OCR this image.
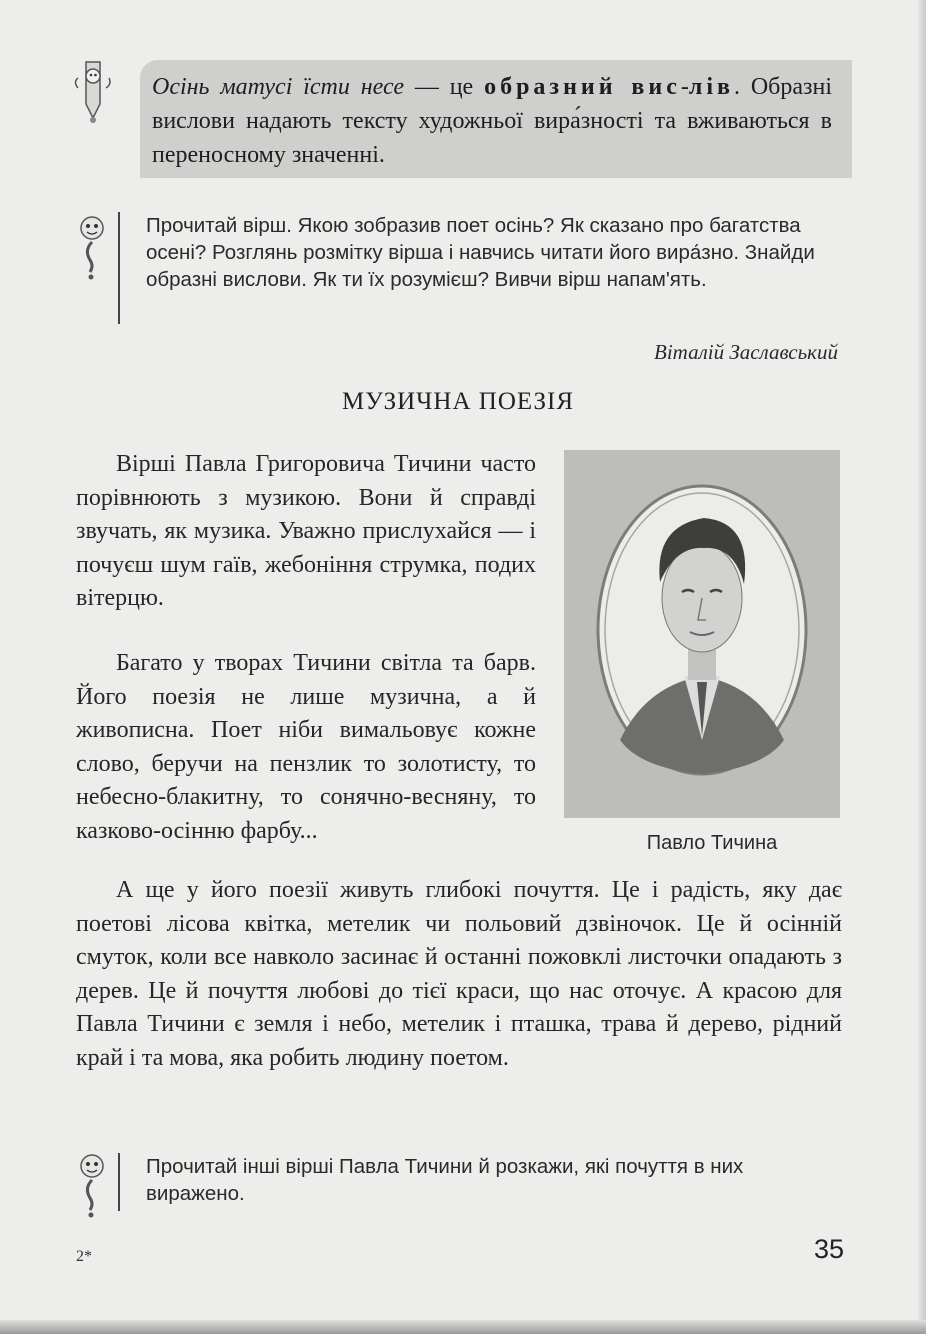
Осінь матусі їсти несе — це образний вис-лів. Образні вислови надають тексту художньої вира́зності та вживаються в переносному значенні.
Прочитай вірш. Якою зобразив поет осінь? Як сказано про багатства осені? Розглянь розмітку вірша і навчись читати його вира́зно. Знайди образні вислови. Як ти їх розумієш? Вивчи вірш напам'ять.
Віталій Заславський
МУЗИЧНА ПОЕЗІЯ

Вірші Павла Григоровича Тичини часто порівнюють з музикою. Вони й справді звучать, як музика. Уважно прислухайся — і почуєш шум гаїв, жебоніння струмка, подих вітерцю.

Багато у творах Тичини світла та барв. Його поезія не лише музична, а й живописна. Поет ніби вимальовує кожне слово, беручи на пензлик то золотисту, то небесно-блакитну, то сонячно-весняну, то казково-осінню фарбу...	Павло Тичина

А ще у його поезії живуть глибокі почуття. Це і радість, яку дає поетові лісова квітка, метелик чи польовий дзвіночок. Це й осінній смуток, коли все навколо засинає й останні пожовклі листочки опадають з дерев. Це й почуття любові до тієї краси, що нас оточує. А красою для Павла Тичини є земля і небо, метелик і пташка, трава й дерево, рідний край і та мова, яка робить людину поетом.

Прочитай інші вірші Павла Тичини й розкажи, які почуття в них виражено.
2*	35
